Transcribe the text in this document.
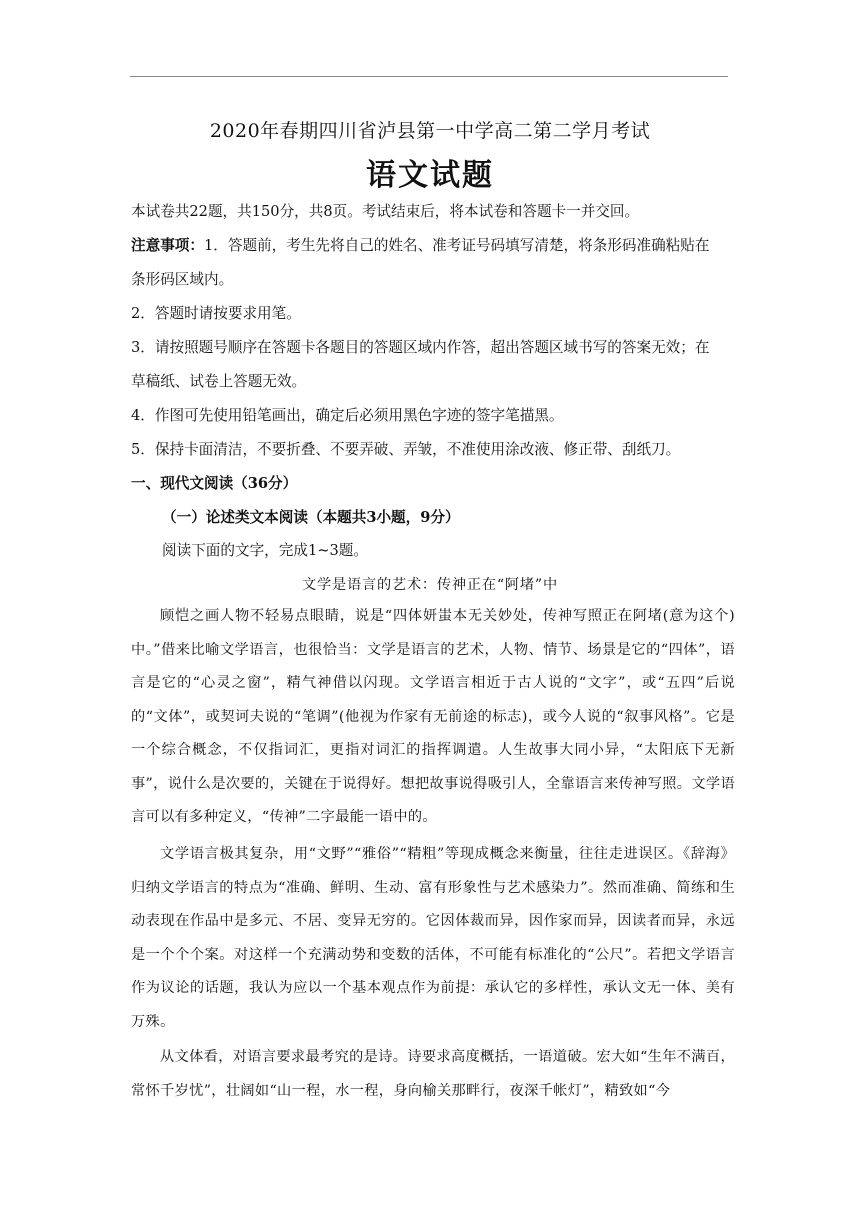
2020年春期四川省泸县第一中学高二第二学月考试
语文试题
本试卷共22题，共150分，共8页。考试结束后，将本试卷和答题卡一并交回。
注意事项：1．答题前，考生先将自己的姓名、准考证号码填写清楚，将条形码准确粘贴在
条形码区域内。
2．答题时请按要求用笔。
3．请按照题号顺序在答题卡各题目的答题区域内作答，超出答题区域书写的答案无效；在
草稿纸、试卷上答题无效。
4．作图可先使用铅笔画出，确定后必须用黑色字迹的签字笔描黑。
5．保持卡面清洁，不要折叠、不要弄破、弄皱，不准使用涂改液、修正带、刮纸刀。
一、现代文阅读（36分）
（一）论述类文本阅读（本题共3小题，9分）
阅读下面的文字，完成1~3题。
文学是语言的艺术：传神正在“阿堵”中
顾恺之画人物不轻易点眼睛，说是“四体妍蚩本无关妙处，传神写照正在阿堵(意为这个)中。”借来比喻文学语言，也很恰当：文学是语言的艺术，人物、情节、场景是它的“四体”，语言是它的“心灵之窗”，精气神借以闪现。文学语言相近于古人说的“文字”，或“五四”后说的“文体”，或契诃夫说的“笔调”(他视为作家有无前途的标志)，或今人说的“叙事风格”。它是一个综合概念，不仅指词汇，更指对词汇的指挥调遣。人生故事大同小异，“太阳底下无新事”，说什么是次要的，关键在于说得好。想把故事说得吸引人，全靠语言来传神写照。文学语言可以有多种定义，“传神”二字最能一语中的。
文学语言极其复杂，用“文野”“雅俗”“精粗”等现成概念来衡量，往往走进误区。《辞海》归纳文学语言的特点为“准确、鲜明、生动、富有形象性与艺术感染力”。然而准确、简练和生动表现在作品中是多元、不居、变异无穷的。它因体裁而异，因作家而异，因读者而异，永远是一个个个案。对这样一个充满动势和变数的活体，不可能有标准化的“公尺”。若把文学语言作为议论的话题，我认为应以一个基本观点作为前提：承认它的多样性，承认文无一体、美有万殊。
从文体看，对语言要求最考究的是诗。诗要求高度概括，一语道破。宏大如“生年不满百，常怀千岁忧”，壮阔如“山一程，水一程，身向榆关那畔行，夜深千帐灯”，精致如“今
